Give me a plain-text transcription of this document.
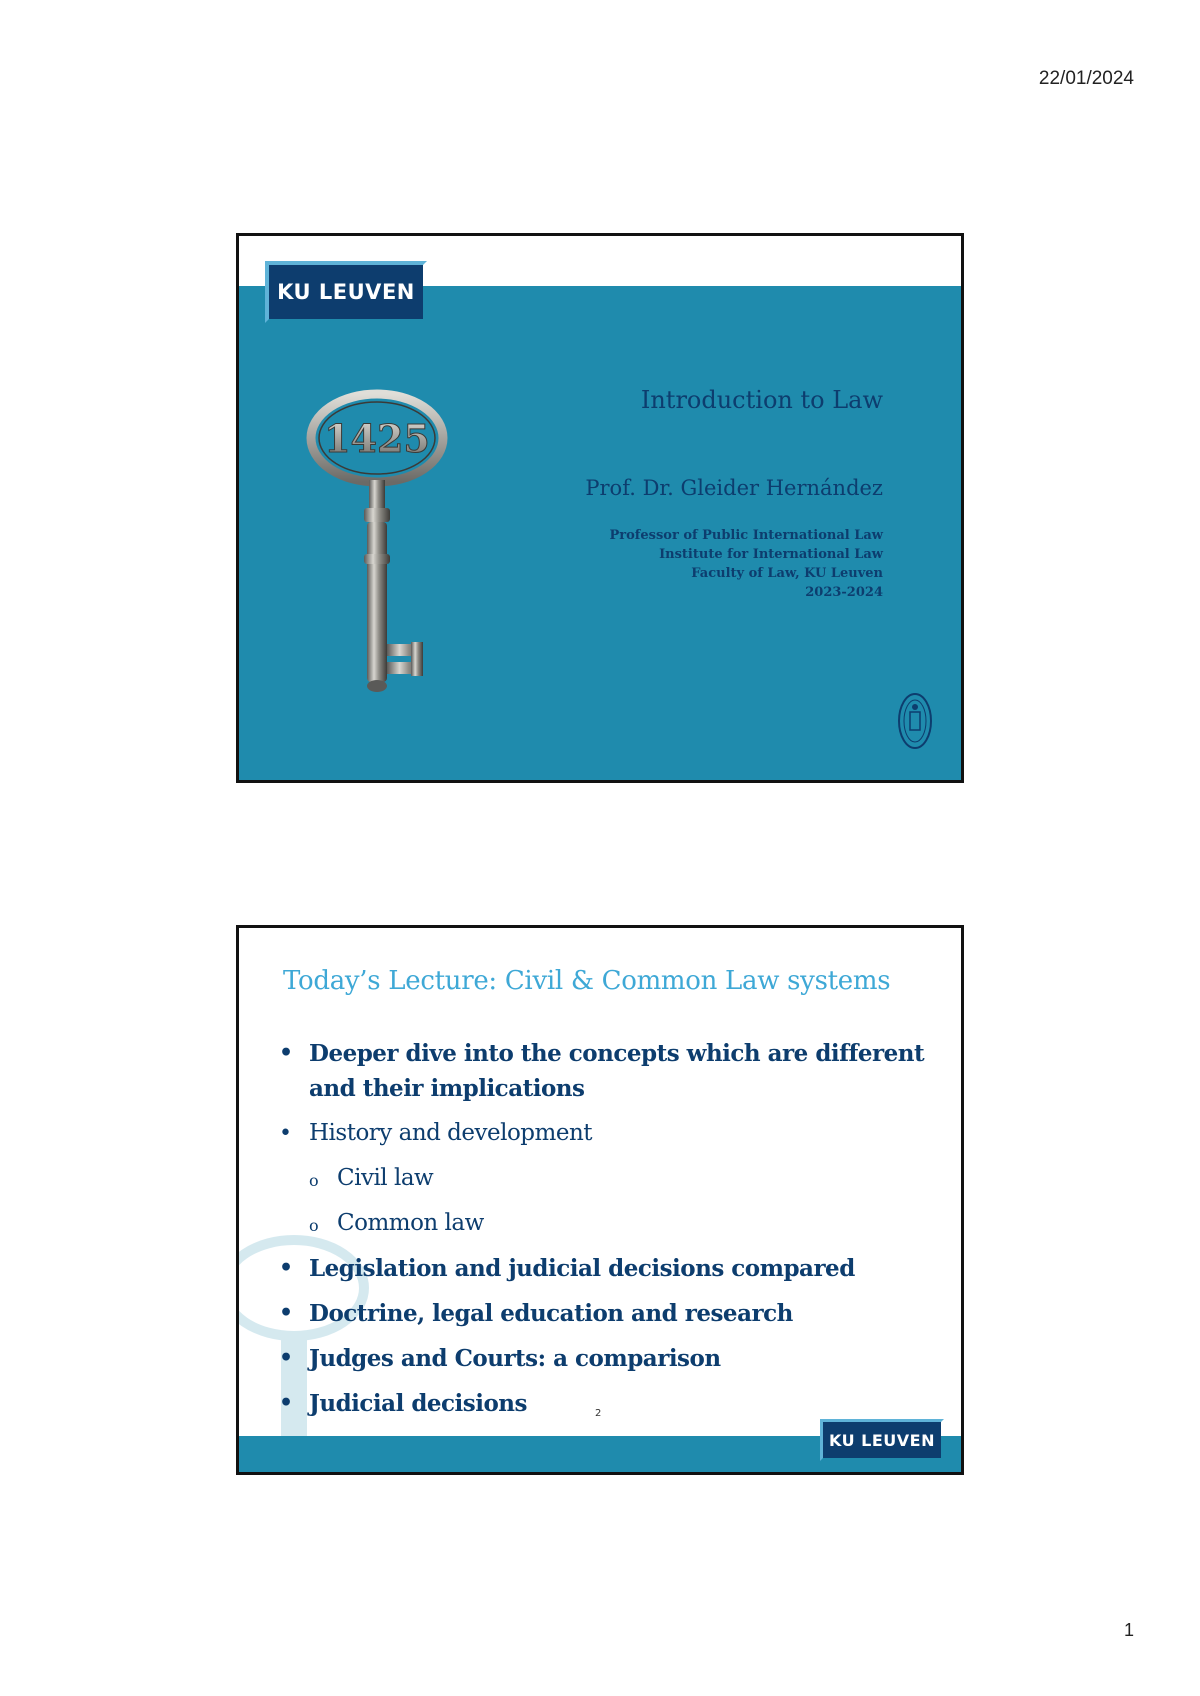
22/01/2024
KU LEUVEN
1425
Introduction to Law
Prof. Dr. Gleider Hernández
Professor of Public International Law
Institute for International Law
Faculty of Law, KU Leuven
2023-2024
Today’s Lecture: Civil & Common Law systems
• Deeper dive into the concepts which are different and their implications
• History and development
o Civil law
o Common law
• Legislation and judicial decisions compared
• Doctrine, legal education and research
• Judges and Courts: a comparison
• Judicial decisions	2
KU LEUVEN
1
